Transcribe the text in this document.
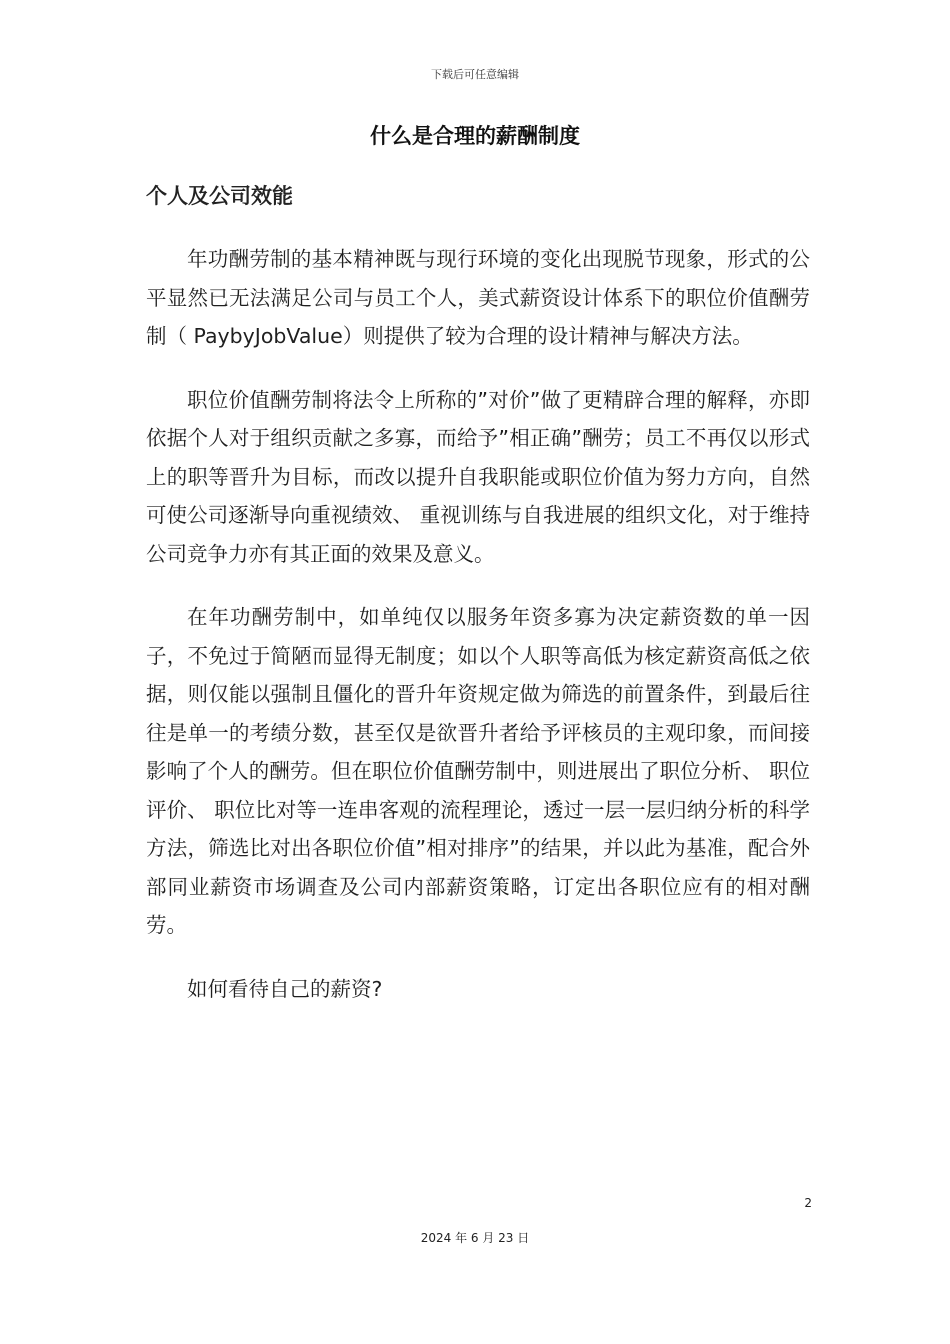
下载后可任意编辑
什么是合理的薪酬制度
个人及公司效能

年功酬劳制的基本精神既与现行环境的变化出现脱节现象，形式的公平显然已无法满足公司与员工个人，美式薪资设计体系下的职位价值酬劳制（ PaybyJobValue）则提供了较为合理的设计精神与解决方法。

职位价值酬劳制将法令上所称的”对价”做了更精辟合理的解释，亦即依据个人对于组织贡献之多寡，而给予”相正确”酬劳；员工不再仅以形式上的职等晋升为目标，而改以提升自我职能或职位价值为努力方向，自然可使公司逐渐导向重视绩效、 重视训练与自我进展的组织文化，对于维持公司竞争力亦有其正面的效果及意义。

在年功酬劳制中，如单纯仅以服务年资多寡为决定薪资数的单一因子，不免过于简陋而显得无制度；如以个人职等高低为核定薪资高低之依据，则仅能以强制且僵化的晋升年资规定做为筛选的前置条件，到最后往往是单一的考绩分数，甚至仅是欲晋升者给予评核员的主观印象，而间接影响了个人的酬劳。但在职位价值酬劳制中，则进展出了职位分析、 职位评价、 职位比对等一连串客观的流程理论，透过一层一层归纳分析的科学方法，筛选比对出各职位价值”相对排序”的结果，并以此为基准，配合外部同业薪资市场调查及公司内部薪资策略，订定出各职位应有的相对酬劳。

如何看待自己的薪资?

2
2024 年 6 月 23 日
